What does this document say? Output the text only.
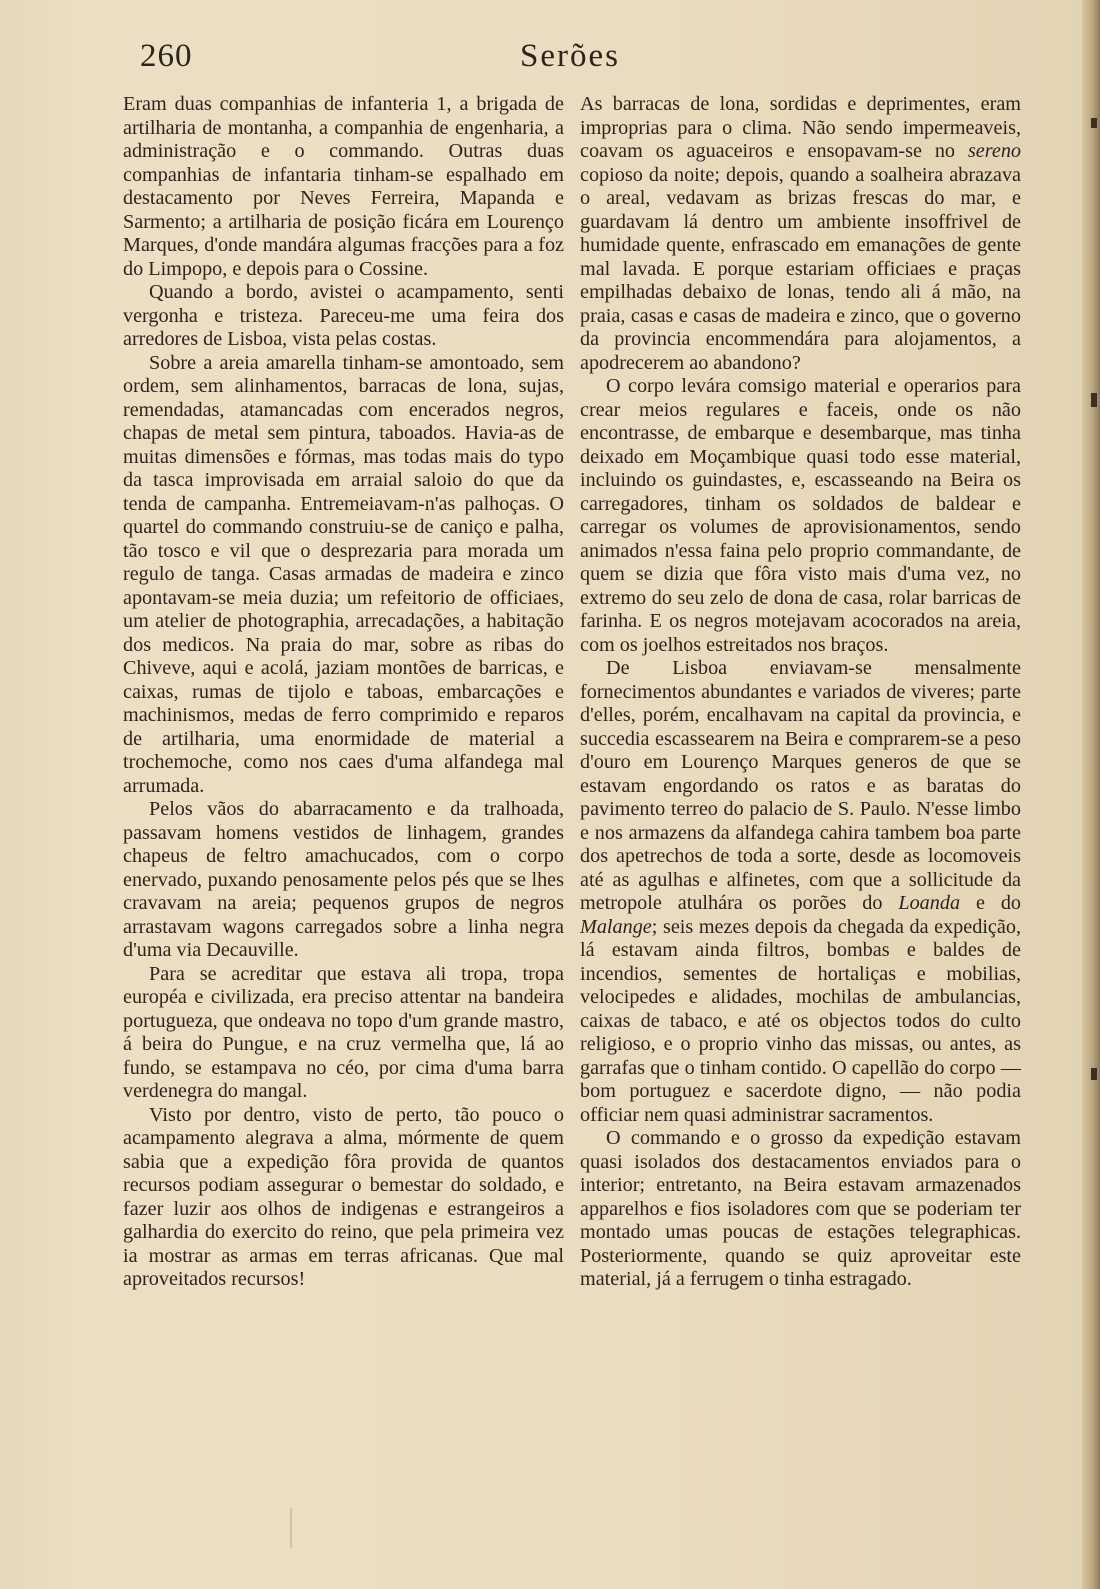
260	Serões

Eram duas companhias de infanteria 1, a brigada de artilharia de montanha, a companhia de engenharia, a administração e o commando. Outras duas companhias de infantaria tinham-se espalhado em destacamento por Neves Ferreira, Mapanda e Sarmento; a artilharia de posição ficára em Lourenço Marques, d'onde mandára algumas fracções para a foz do Limpopo, e depois para o Cossine.

Quando a bordo, avistei o acampamento, senti vergonha e tristeza. Pareceu-me uma feira dos arredores de Lisboa, vista pelas costas.

Sobre a areia amarella tinham-se amontoado, sem ordem, sem alinhamentos, barracas de lona, sujas, remendadas, atamancadas com encerados negros, chapas de metal sem pintura, taboados. Havia-as de muitas dimensões e fórmas, mas todas mais do typo da tasca improvisada em arraial saloio do que da tenda de campanha. Entremeiavam-n'as palhoças. O quartel do commando construiu-se de caniço e palha, tão tosco e vil que o desprezaria para morada um regulo de tanga. Casas armadas de madeira e zinco apontavam-se meia duzia; um refeitorio de officiaes, um atelier de photographia, arrecadações, a habitação dos medicos. Na praia do mar, sobre as ribas do Chiveve, aqui e acolá, jaziam montões de barricas, e caixas, rumas de tijolo e taboas, embarcações e machinismos, medas de ferro comprimido e reparos de artilharia, uma enormidade de material a trochemoche, como nos caes d'uma alfandega mal arrumada.

Pelos vãos do abarracamento e da tralhoada, passavam homens vestidos de linhagem, grandes chapeus de feltro amachucados, com o corpo enervado, puxando penosamente pelos pés que se lhes cravavam na areia; pequenos grupos de negros arrastavam wagons carregados sobre a linha negra d'uma via Decauville.

Para se acreditar que estava ali tropa, tropa européa e civilizada, era preciso attentar na bandeira portugueza, que ondeava no topo d'um grande mastro, á beira do Pungue, e na cruz vermelha que, lá ao fundo, se estampava no céo, por cima d'uma barra verdenegra do mangal.

Visto por dentro, visto de perto, tão pouco o acampamento alegrava a alma, mórmente de quem sabia que a expedição fôra provida de quantos recursos podiam assegurar o bemestar do soldado, e fazer luzir aos olhos de indigenas e estrangeiros a galhardia do exercito do reino, que pela primeira vez ia mostrar as armas em terras africanas. Que mal aproveitados recursos!

As barracas de lona, sordidas e deprimentes, eram improprias para o clima. Não sendo impermeaveis, coavam os aguaceiros e ensopavam-se no sereno copioso da noite; depois, quando a soalheira abrazava o areal, vedavam as brizas frescas do mar, e guardavam lá dentro um ambiente insoffrivel de humidade quente, enfrascado em emanações de gente mal lavada. E porque estariam officiaes e praças empilhadas debaixo de lonas, tendo ali á mão, na praia, casas e casas de madeira e zinco, que o governo da provincia encommendára para alojamentos, a apodrecerem ao abandono?

O corpo levára comsigo material e operarios para crear meios regulares e faceis, onde os não encontrasse, de embarque e desembarque, mas tinha deixado em Moçambique quasi todo esse material, incluindo os guindastes, e, escasseando na Beira os carregadores, tinham os soldados de baldear e carregar os volumes de aprovisionamentos, sendo animados n'essa faina pelo proprio commandante, de quem se dizia que fôra visto mais d'uma vez, no extremo do seu zelo de dona de casa, rolar barricas de farinha. E os negros motejavam acocorados na areia, com os joelhos estreitados nos braços.

De Lisboa enviavam-se mensalmente fornecimentos abundantes e variados de viveres; parte d'elles, porém, encalhavam na capital da provincia, e succedia escassearem na Beira e comprarem-se a peso d'ouro em Lourenço Marques generos de que se estavam engordando os ratos e as baratas do pavimento terreo do palacio de S. Paulo. N'esse limbo e nos armazens da alfandega cahira tambem boa parte dos apetrechos de toda a sorte, desde as locomoveis até as agulhas e alfinetes, com que a sollicitude da metropole atulhára os porões do Loanda e do Malange; seis mezes depois da chegada da expedição, lá estavam ainda filtros, bombas e baldes de incendios, sementes de hortaliças e mobilias, velocipedes e alidades, mochilas de ambulancias, caixas de tabaco, e até os objectos todos do culto religioso, e o proprio vinho das missas, ou antes, as garrafas que o tinham contido. O capellão do corpo — bom portuguez e sacerdote digno, — não podia officiar nem quasi administrar sacramentos.

O commando e o grosso da expedição estavam quasi isolados dos destacamentos enviados para o interior; entretanto, na Beira estavam armazenados apparelhos e fios isoladores com que se poderiam ter montado umas poucas de estações telegraphicas. Posteriormente, quando se quiz aproveitar este material, já a ferrugem o tinha estragado.
